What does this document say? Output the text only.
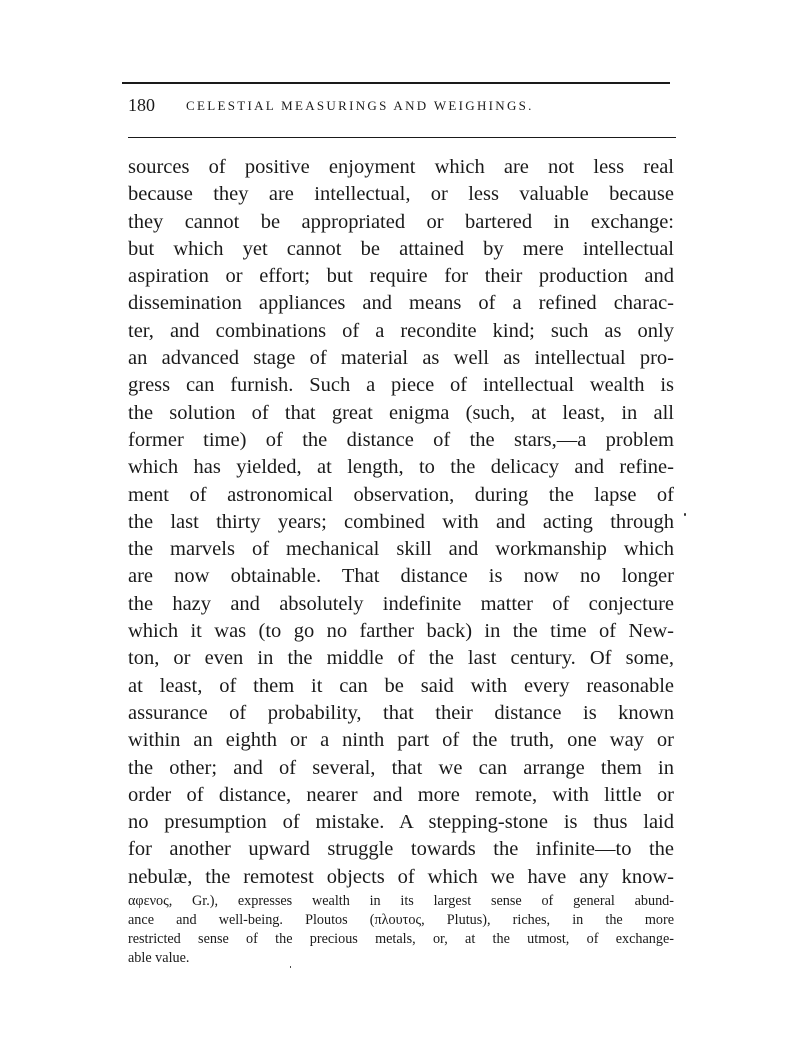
180 CELESTIAL MEASURINGS AND WEIGHINGS.
sources of positive enjoyment which are not less real
because they are intellectual, or less valuable because
they cannot be appropriated or bartered in exchange:
but which yet cannot be attained by mere intellectual
aspiration or effort; but require for their production and
dissemination appliances and means of a refined charac-
ter, and combinations of a recondite kind; such as only
an advanced stage of material as well as intellectual pro-
gress can furnish. Such a piece of intellectual wealth is
the solution of that great enigma (such, at least, in all
former time) of the distance of the stars,—a problem
which has yielded, at length, to the delicacy and refine-
ment of astronomical observation, during the lapse of
the last thirty years; combined with and acting through
the marvels of mechanical skill and workmanship which
are now obtainable. That distance is now no longer
the hazy and absolutely indefinite matter of conjecture
which it was (to go no farther back) in the time of New-
ton, or even in the middle of the last century. Of some,
at least, of them it can be said with every reasonable
assurance of probability, that their distance is known
within an eighth or a ninth part of the truth, one way or
the other; and of several, that we can arrange them in
order of distance, nearer and more remote, with little or
no presumption of mistake. A stepping-stone is thus laid
for another upward struggle towards the infinite—to the
nebulæ, the remotest objects of which we have any know-
αφενος, Gr.), expresses wealth in its largest sense of general abund-
ance and well-being. Ploutos (πλουτος, Plutus), riches, in the more
restricted sense of the precious metals, or, at the utmost, of exchange-
able value.
